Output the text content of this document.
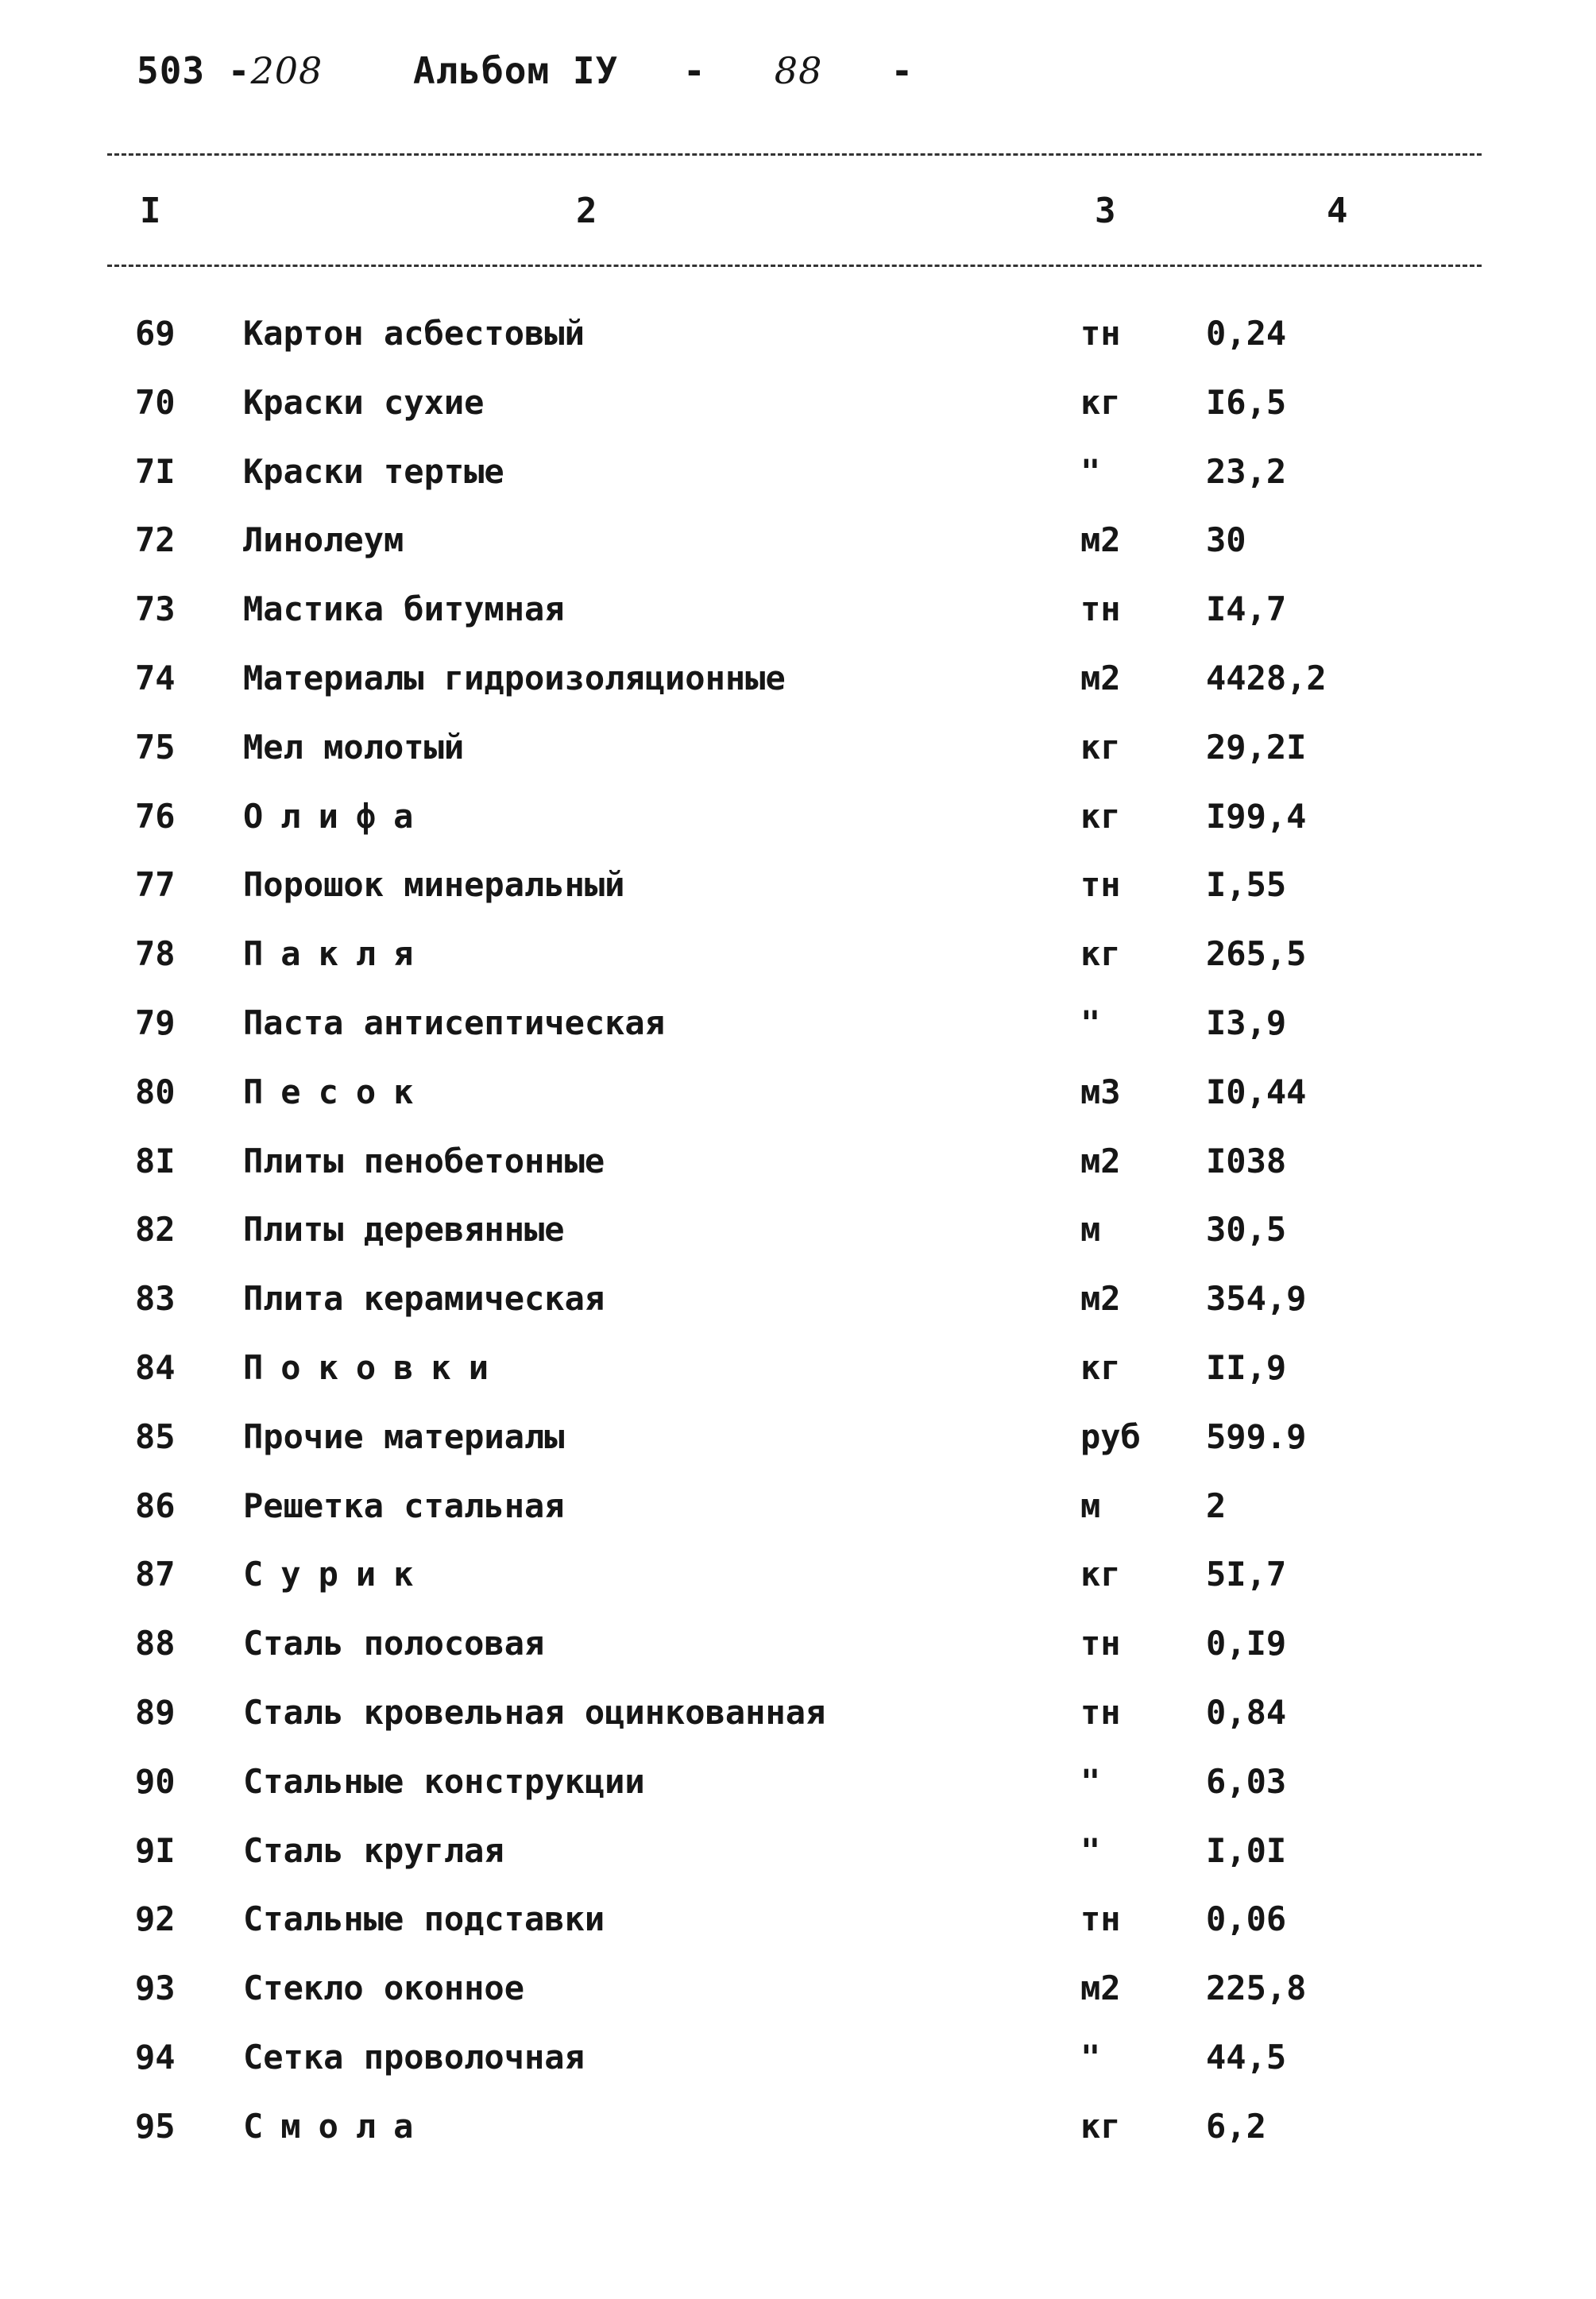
503 -208 Альбом IУ - 88 -
I	2	3	4
69 Картон асбестовый	тн	0,24
70 Краски сухие	кг	I6,5
7I Краски тертые	"	23,2
72 Линолеум	м2	30
73 Мастика битумная	тн	I4,7
74 Материалы гидроизоляционные	м2	4428,2
75 Мел молотый	кг	29,2I
76 Олифа	кг	I99,4
77 Порошок минеральный	тн	I,55
78 Пакля	кг	265,5
79 Паста антисептическая	"	I3,9
80 Песок	м3	I0,44
8I Плиты пенобетонные	м2	I038
82 Плиты деревянные	м	30,5
83 Плита керамическая	м2	354,9
84 Поковки	кг	II,9
85 Прочие материалы	руб 599.9
86 Решетка стальная	м	2
87 Сурик	кг	5I,7
88 Сталь полосовая	тн	0,I9
89 Сталь кровельная оцинкованная	тн	0,84
90 Стальные конструкции	"	6,03
9I Сталь круглая	"	I,0I
92 Стальные подставки	тн	0,06
93 Стекло оконное	м2	225,8
94 Сетка проволочная	"	44,5
95 Смола	кг	6,2
